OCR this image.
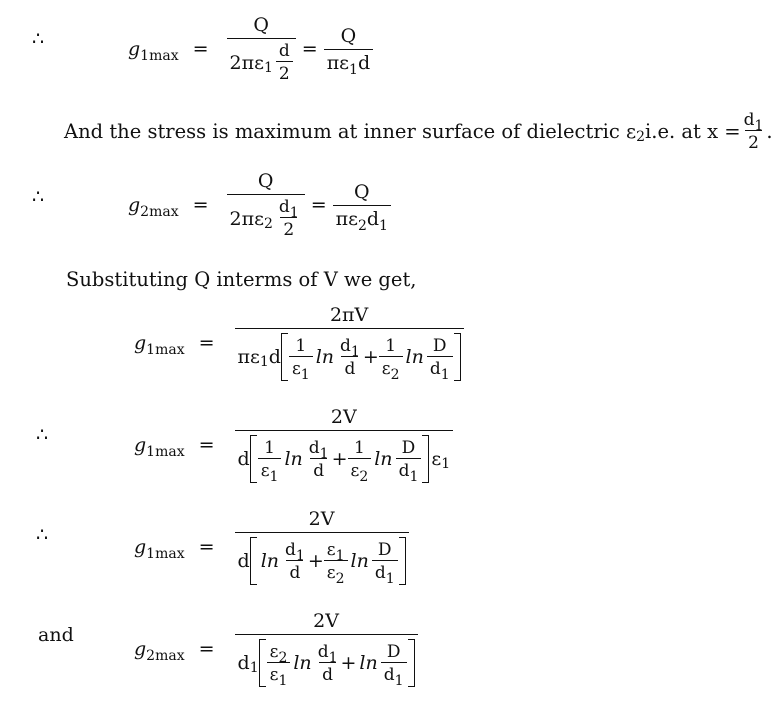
∴	$g_{1max} = \frac{Q}{2\pi\varepsilon 1 \frac{d}{2}} = \frac{Q}{\pi\varepsilon_1d}$
And the stress is maximum at inner surface of dielectric ε 2 i.e. at $x = \frac{d_1}{2}$ .
∴	$g_{2max} = \frac{Q}{2\pi\varepsilon 2 \frac{d_1}{2}} = \frac{Q}{\pi\varepsilon_2d_1}$
Substituting Q interms of V we get,
$g_{1max}$ =
2πV
πε 1 d $\frac{1}{\varepsilon_1}$ $\ln \frac{d_1}{d} + \frac{1}{\varepsilon_2}$ $\ln \frac{D}{d_1}$
∴	$g_{1max}$ =
2V
d $\frac{1}{\varepsilon_1}$ $\ln \frac{d_1}{d} + \frac{1}{\varepsilon_2}$ $\ln \frac{D}{d_1}$ ε 1
∴
$g_{1max}$ =
2V
d $\ln \frac{d_1}{d} + \frac{\varepsilon_1}{\varepsilon_2}$ $\ln \frac{D}{d_1}$
and
$g_{2max}$ =
2V
d $1 \frac{\varepsilon_2}{\varepsilon_1}$ $\ln \frac{d_1}{d} + \ln \frac{D}{d_1}$
